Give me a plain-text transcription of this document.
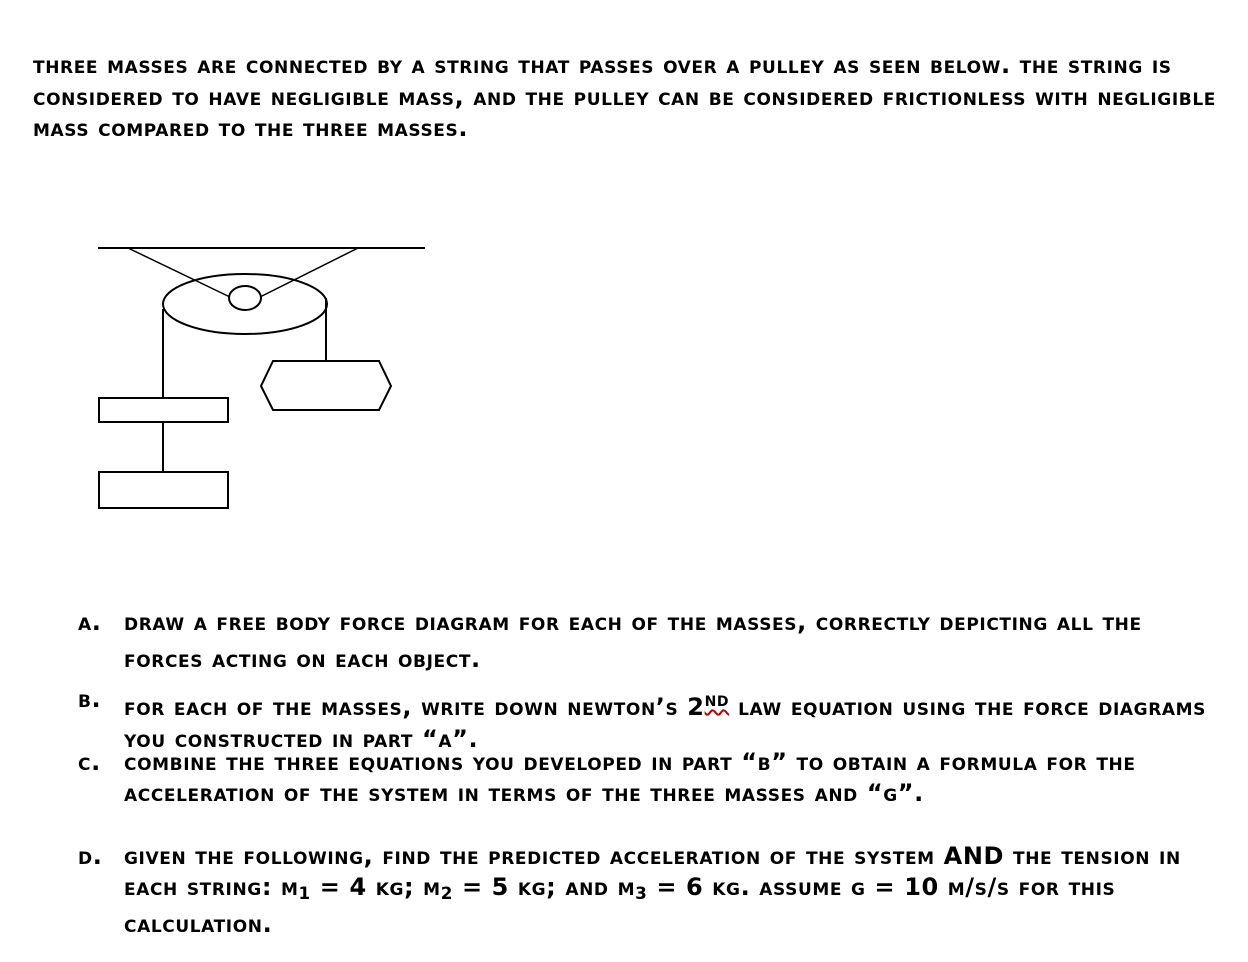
three masses are connected by a string that passes over a pulley as seen below. the string is considered to have negligible mass, and the pulley can be considered frictionless with negligible mass compared to the three masses.
a. draw a free body force diagram for each of the masses, correctly depicting all the forces acting on each object.
b. for each of the masses, write down newton’s 2nd law equation using the force diagrams you constructed in part “a”.
c. combine the three equations you developed in part “b” to obtain a formula for the acceleration of the system in terms of the three masses and “g”.
d. given the following, find the predicted acceleration of the system AND the tension in each string: $m_1 = 4$ kg; $m_2 = 5$ kg; and $m_3 = 6$ kg. assume g = 10 m/s/s for this calculation.
